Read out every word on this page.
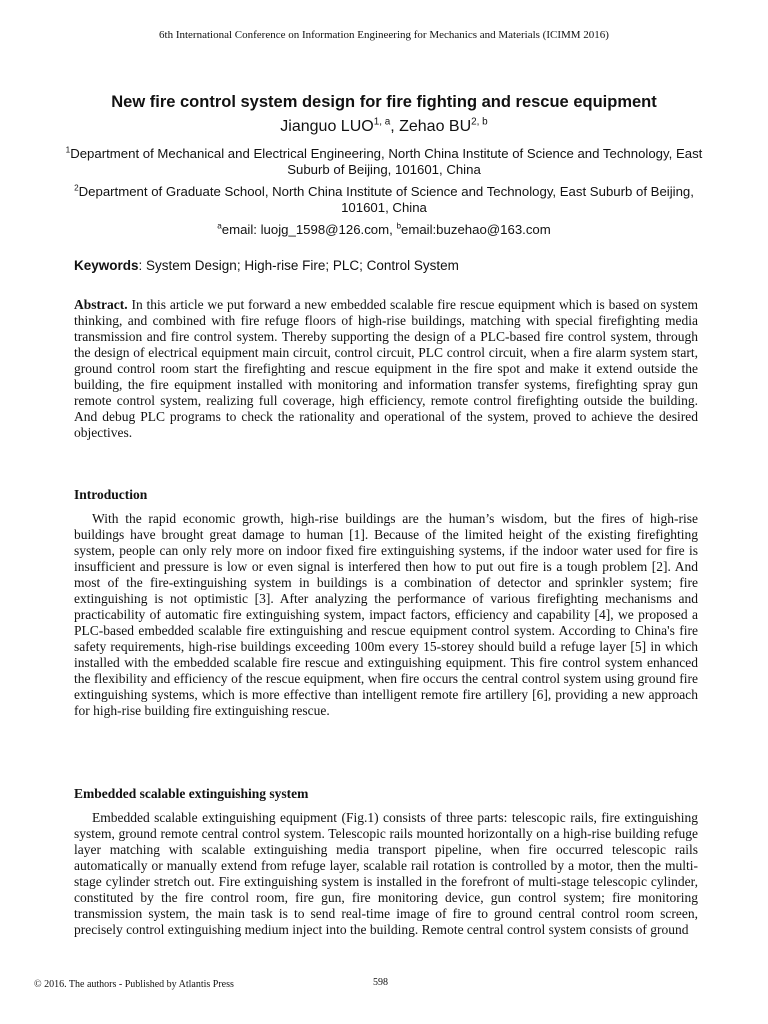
6th International Conference on Information Engineering for Mechanics and Materials (ICIMM 2016)
New fire control system design for fire fighting and rescue equipment
Jianguo LUO$^{1, a}$, Zehao BU$^{2, b}$
$^1$Department of Mechanical and Electrical Engineering, North China Institute of Science and Technology, East Suburb of Beijing, 101601, China
$^2$Department of Graduate School, North China Institute of Science and Technology, East Suburb of Beijing, 101601, China
$^a$email: luojg_1598@126.com, $^b$email:buzehao@163.com
Keywords: System Design; High-rise Fire; PLC; Control System
Abstract. In this article we put forward a new embedded scalable fire rescue equipment which is based on system thinking, and combined with fire refuge floors of high-rise buildings, matching with special firefighting media transmission and fire control system. Thereby supporting the design of a PLC-based fire control system, through the design of electrical equipment main circuit, control circuit, PLC control circuit, when a fire alarm system start, ground control room start the firefighting and rescue equipment in the fire spot and make it extend outside the building, the fire equipment installed with monitoring and information transfer systems, firefighting spray gun remote control system, realizing full coverage, high efficiency, remote control firefighting outside the building. And debug PLC programs to check the rationality and operational of the system, proved to achieve the desired objectives.
Introduction
With the rapid economic growth, high-rise buildings are the human’s wisdom, but the fires of high-rise buildings have brought great damage to human [1]. Because of the limited height of the existing firefighting system, people can only rely more on indoor fixed fire extinguishing systems, if the indoor water used for fire is insufficient and pressure is low or even signal is interfered then how to put out fire is a tough problem [2]. And most of the fire-extinguishing system in buildings is a combination of detector and sprinkler system; fire extinguishing is not optimistic [3]. After analyzing the performance of various firefighting mechanisms and practicability of automatic fire extinguishing system, impact factors, efficiency and capability [4], we proposed a PLC-based embedded scalable fire extinguishing and rescue equipment control system. According to China's fire safety requirements, high-rise buildings exceeding 100m every 15-storey should build a refuge layer [5] in which installed with the embedded scalable fire rescue and extinguishing equipment. This fire control system enhanced the flexibility and efficiency of the rescue equipment, when fire occurs the central control system using ground fire extinguishing systems, which is more effective than intelligent remote fire artillery [6], providing a new approach for high-rise building fire extinguishing rescue.
Embedded scalable extinguishing system
Embedded scalable extinguishing equipment (Fig.1) consists of three parts: telescopic rails, fire extinguishing system, ground remote central control system. Telescopic rails mounted horizontally on a high-rise building refuge layer matching with scalable extinguishing media transport pipeline, when fire occurred telescopic rails automatically or manually extend from refuge layer, scalable rail rotation is controlled by a motor, then the multi-stage cylinder stretch out. Fire extinguishing system is installed in the forefront of multi-stage telescopic cylinder, constituted by the fire control room, fire gun, fire monitoring device, gun control system; fire monitoring transmission system, the main task is to send real-time image of fire to ground central control room screen, precisely control extinguishing medium inject into the building. Remote central control system consists of ground
© 2016. The authors - Published by Atlantis Press	598
